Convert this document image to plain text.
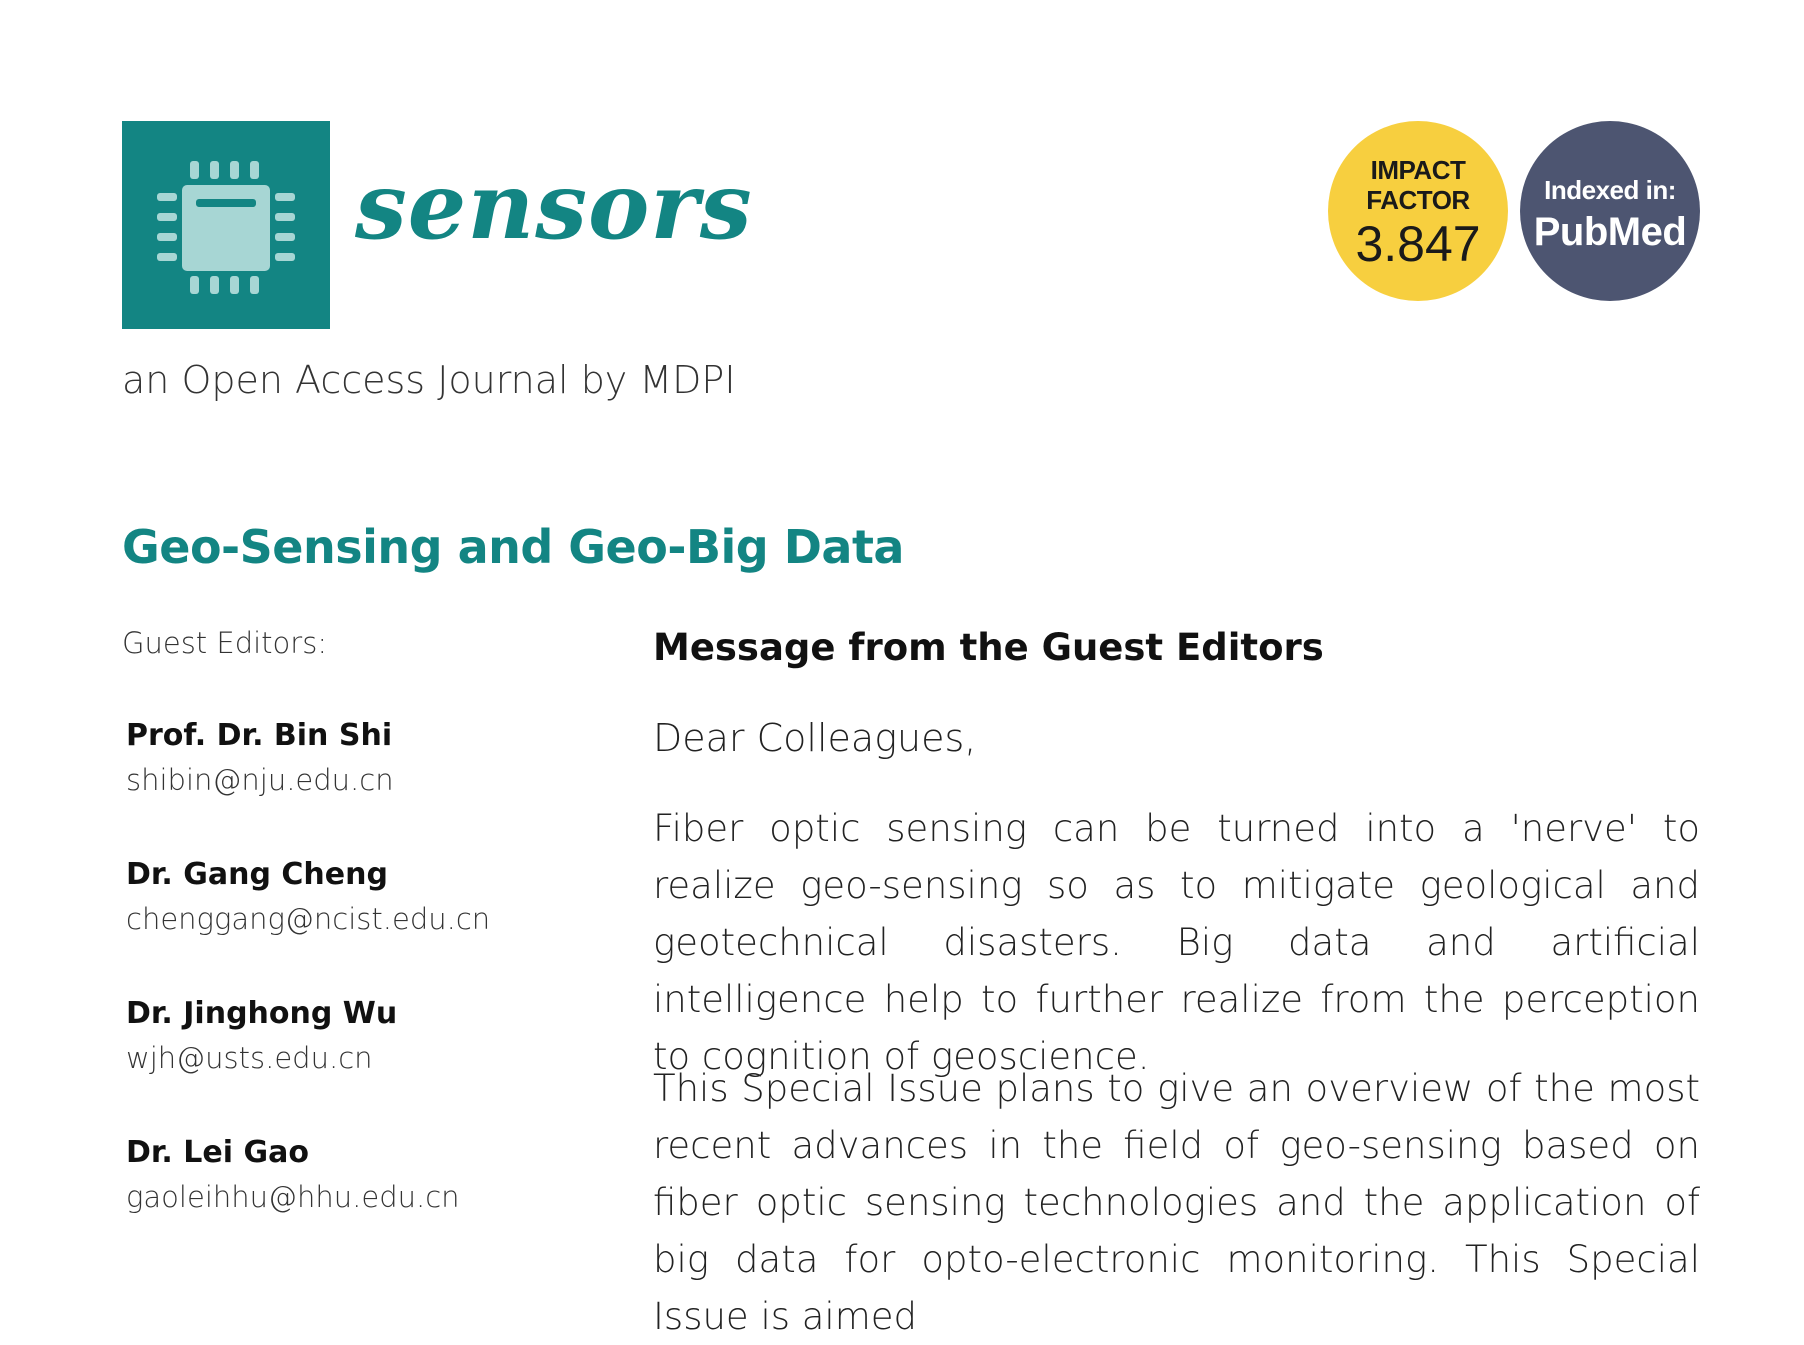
sensors
an Open Access Journal by MDPI
IMPACT
FACTOR
3.847
Indexed in:
PubMed
Geo-Sensing and Geo-Big Data
Guest Editors:
Prof. Dr. Bin Shi
shibin@nju.edu.cn
Dr. Gang Cheng
chenggang@ncist.edu.cn
Dr. Jinghong Wu
wjh@usts.edu.cn
Dr. Lei Gao
gaoleihhu@hhu.edu.cn
Message from the Guest Editors
Dear Colleagues,
Fiber optic sensing can be turned into a 'nerve' to realize geo-sensing so as to mitigate geological and geotechnical disasters. Big data and artificial intelligence help to further realize from the perception to cognition of geoscience.
This Special Issue plans to give an overview of the most recent advances in the field of geo-sensing based on fiber optic sensing technologies and the application of big data for opto-electronic monitoring. This Special Issue is aimed
